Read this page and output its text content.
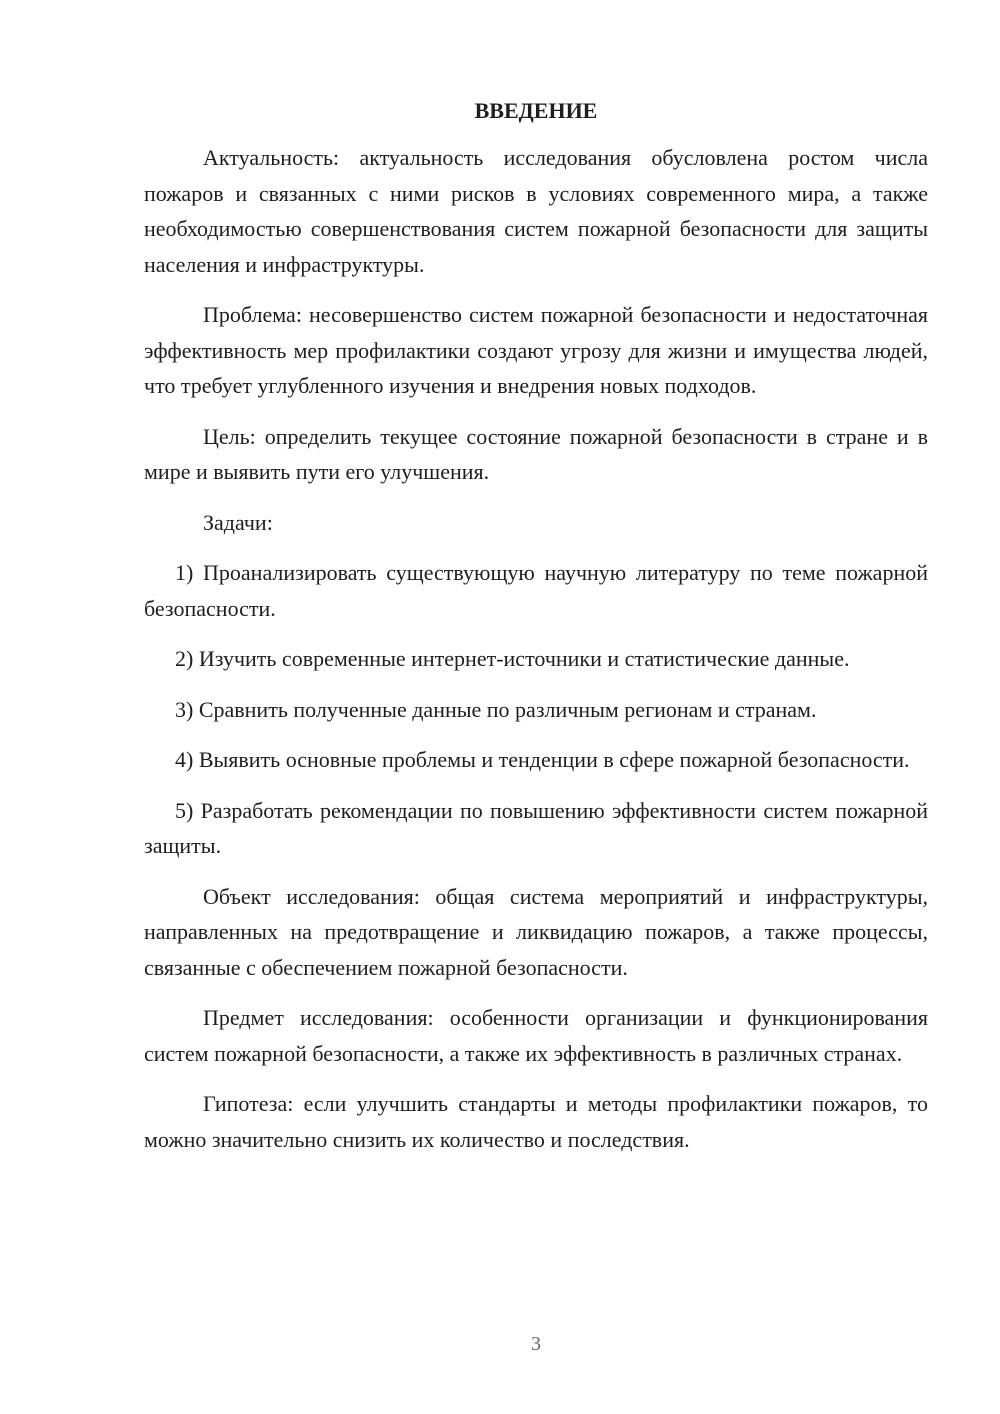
ВВЕДЕНИЕ

Актуальность: актуальность исследования обусловлена ростом числа пожаров и связанных с ними рисков в условиях современного мира, а также необходимостью совершенствования систем пожарной безопасности для защиты населения и инфраструктуры.

Проблема: несовершенство систем пожарной безопасности и недостаточная эффективность мер профилактики создают угрозу для жизни и имущества людей, что требует углубленного изучения и внедрения новых подходов.

Цель: определить текущее состояние пожарной безопасности в стране и в мире и выявить пути его улучшения.

Задачи:

1) Проанализировать существующую научную литературу по теме пожарной безопасности.

2) Изучить современные интернет-источники и статистические данные.

3) Сравнить полученные данные по различным регионам и странам.

4) Выявить основные проблемы и тенденции в сфере пожарной безопасности.

5) Разработать рекомендации по повышению эффективности систем пожарной защиты.

Объект исследования: общая система мероприятий и инфраструктуры, направленных на предотвращение и ликвидацию пожаров, а также процессы, связанные с обеспечением пожарной безопасности.

Предмет исследования: особенности организации и функционирования систем пожарной безопасности, а также их эффективность в различных странах.

Гипотеза: если улучшить стандарты и методы профилактики пожаров, то можно значительно снизить их количество и последствия.

3
